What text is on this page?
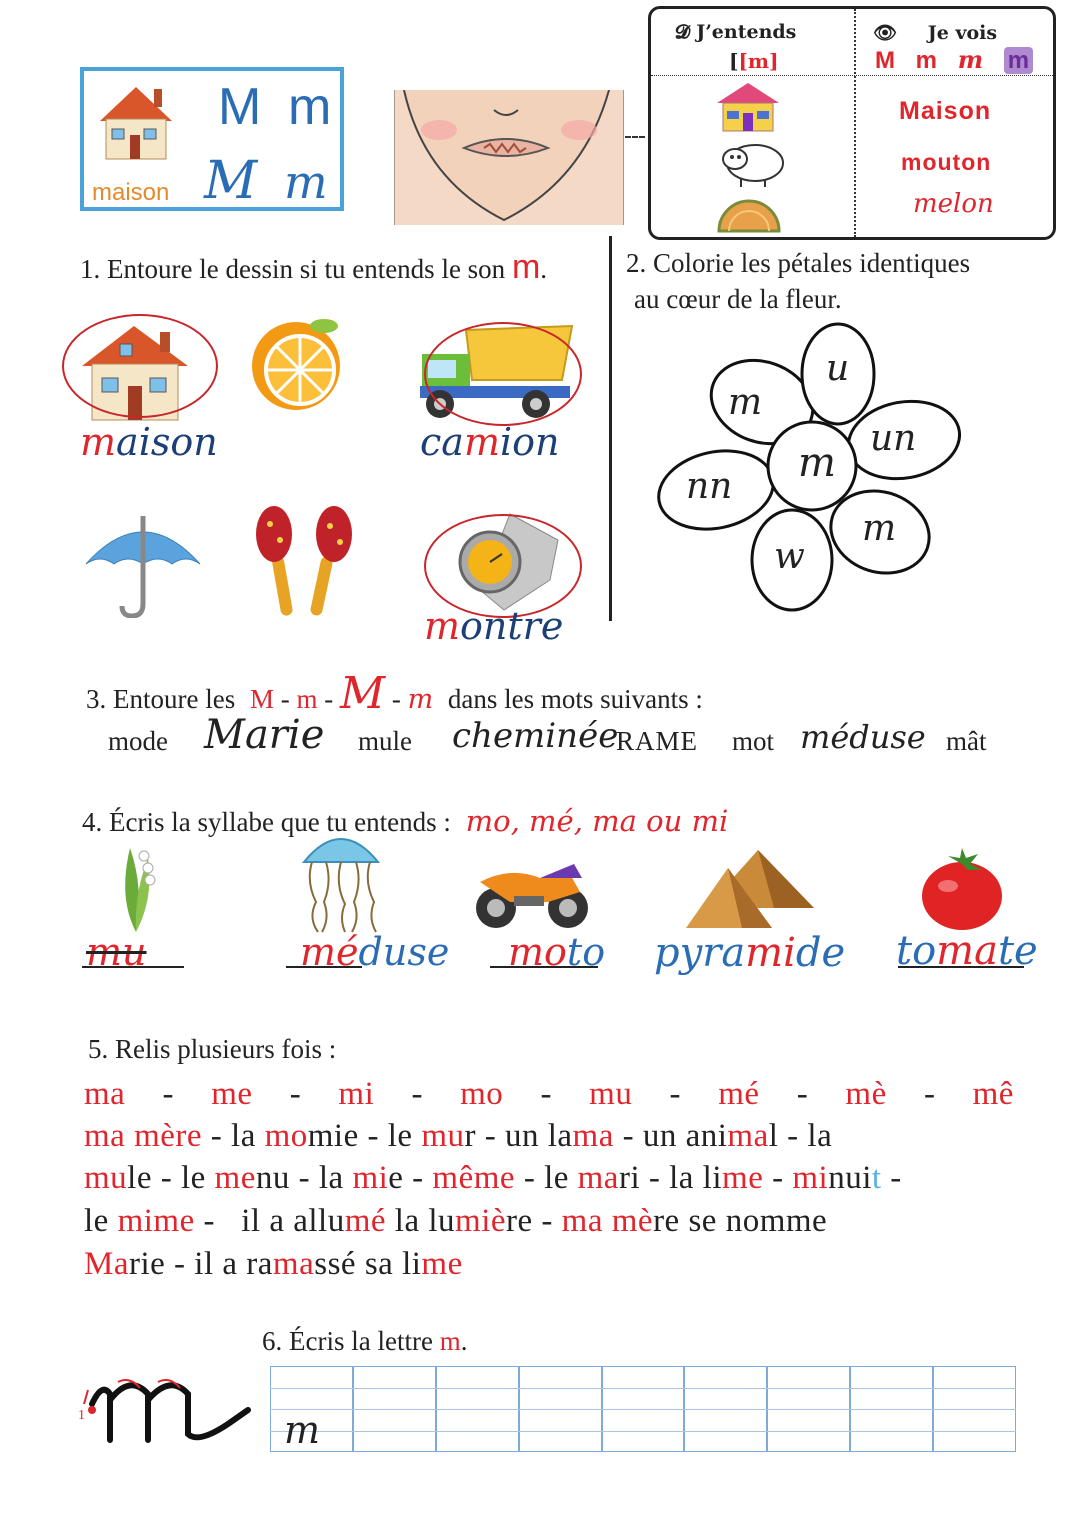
M m
M m
maison
𝓓 J’entends
[[m]
👁 Je vois
M m m m
Maison
mouton
melon
1. Entoure le dessin si tu entends le son m.
maison	camion
montre
2. Colorie les pétales identiques
au cœur de la fleur.
m
u
m
un
nn
m
w
3. Entoure les M - m - M - m dans les mots suivants :
mode Marie mule cheminée
RAME mot méduse mât
4. Écris la syllabe que tu entends : mo, mé, ma ou mi
mu	méduse moto pyramide tomate
5. Relis plusieurs fois :
ma - me - mi - mo - mu - mé - mè - mê
ma mère - la momie - le mur - un lama - un animal - la
mule - le menu - la mie - même - le mari - la lime - minuit -
le mime -   il a allumé la lumière - ma mère se nomme
Marie - il a ramassé sa lime
6. Écris la lettre m.
1	m
